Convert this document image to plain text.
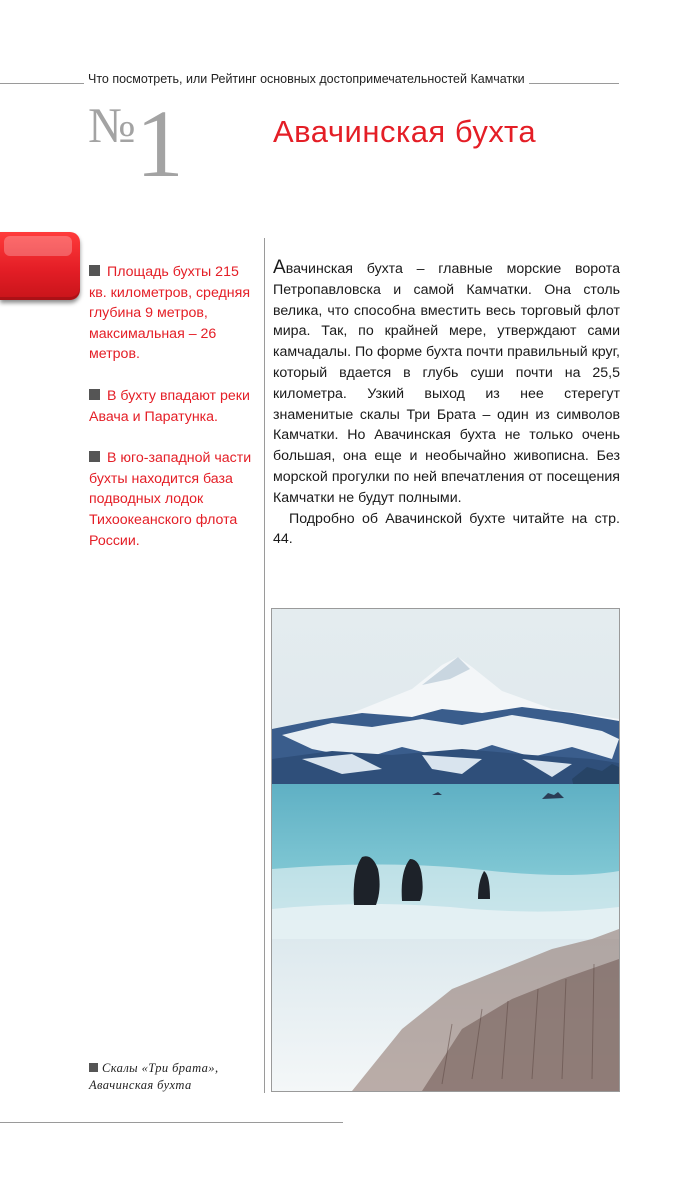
Что посмотреть, или Рейтинг основных достопримечательностей Камчатки
№1	Авачинская бухта

Площадь бухты 215 кв. километров, средняя глубина 9 метров, максимальная – 26 метров.

В бухту впадают реки Авача и Паратунка.

В юго-западной части бухты находится база подводных лодок Тихоокеанского флота России.

Авачинская бухта – главные морские ворота Петропавловска и самой Камчатки. Она столь велика, что способна вместить весь торговый флот мира. Так, по крайней мере, утверждают сами камчадалы. По форме бухта почти правильный круг, который вдается в глубь суши почти на 25,5 километра. Узкий выход из нее стерегут знаменитые скалы Три Брата – один из символов Камчатки. Но Авачинская бухта не только очень большая, она еще и необычайно живописна. Без морской прогулки по ней впечатления от посещения Камчатки не будут полными.

Подробно об Авачинской бухте читайте на стр. 44.

Скалы «Три брата»,
Авачинская бухта
